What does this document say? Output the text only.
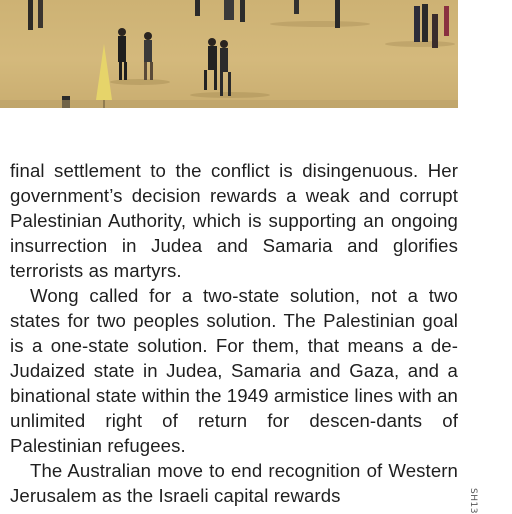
final settlement to the conflict is disingenuous. Her government’s decision rewards a weak and corrupt Palestinian Authority, which is supporting an ongoing insurrection in Judea and Samaria and glorifies terrorists as martyrs.

Wong called for a two-state solution, not a two states for two peoples solution. The Palestinian goal is a one-state solution. For them, that means a de-Judaized state in Judea, Samaria and Gaza, and a binational state within the 1949 armistice lines with an unlimited right of return for descen-dants of Palestinian refugees.

The Australian move to end recognition of Western Jerusalem as the Israeli capital rewards	SH13
